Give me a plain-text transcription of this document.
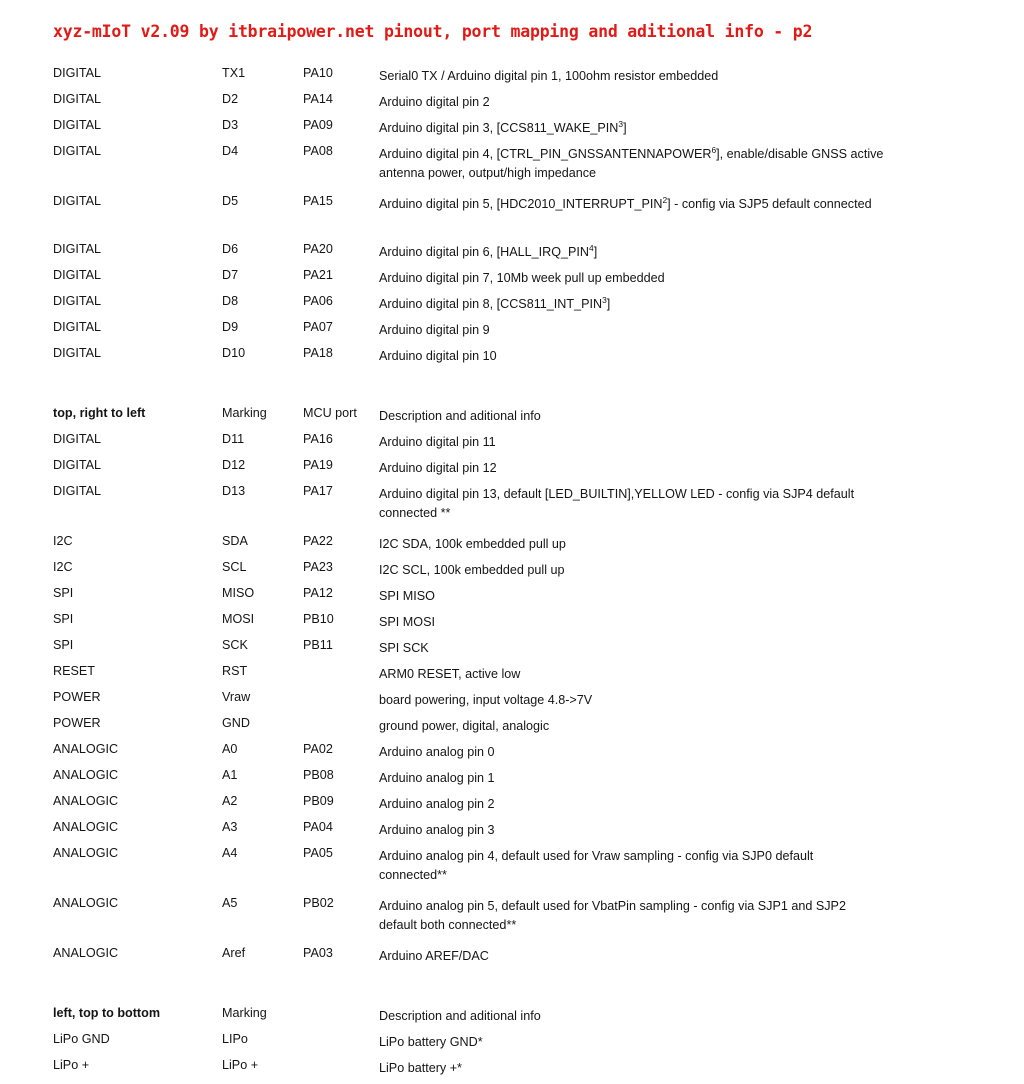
xyz-mIoT v2.09 by itbraipower.net pinout, port mapping and aditional info - p2
	DIGITAL	TX1	PA10	Serial0 TX / Arduino digital pin 1, 100ohm resistor embedded
	DIGITAL	D2	PA14	Arduino digital pin 2
	DIGITAL	D3	PA09	Arduino digital pin 3, [CCS811_WAKE_PIN$^3$]
	DIGITAL	D4	PA08	Arduino digital pin 4, [CTRL_PIN_GNSSANTENNAPOWER$^6$], enable/disable GNSS active
antenna power, output/high impedance

	DIGITAL	D5	PA15	Arduino digital pin 5, [HDC2010_INTERRUPT_PIN$^2$] - config via SJP5 default connected

	DIGITAL	D6	PA20	Arduino digital pin 6, [HALL_IRQ_PIN$^4$]
	DIGITAL	D7	PA21	Arduino digital pin 7, 10Mb week pull up embedded
	DIGITAL	D8	PA06	Arduino digital pin 8, [CCS811_INT_PIN$^3$]
	DIGITAL	D9	PA07	Arduino digital pin 9
	DIGITAL	D10	PA18	Arduino digital pin 10

	top, right to left	Marking	MCU port	Description and aditional info
	DIGITAL	D11	PA16	Arduino digital pin 11
	DIGITAL	D12	PA19	Arduino digital pin 12
	DIGITAL	D13	PA17	Arduino digital pin 13, default [LED_BUILTIN],YELLOW LED - config via SJP4 default
connected **

	I2C	SDA	PA22	I2C SDA, 100k embedded pull up
	I2C	SCL	PA23	I2C SCL, 100k embedded pull up
	SPI	MISO	PA12	SPI MISO
	SPI	MOSI	PB10	SPI MOSI
	SPI	SCK	PB11	SPI SCK
	RESET	RST		ARM0 RESET, active low
	POWER	Vraw		board powering, input voltage 4.8->7V
	POWER	GND		ground power, digital, analogic
	ANALOGIC	A0	PA02	Arduino analog pin 0
	ANALOGIC	A1	PB08	Arduino analog pin 1
	ANALOGIC	A2	PB09	Arduino analog pin 2
	ANALOGIC	A3	PA04	Arduino analog pin 3
	ANALOGIC	A4	PA05	Arduino analog pin 4, default used for Vraw sampling - config via SJP0 default
connected**

	ANALOGIC	A5	PB02	Arduino analog pin 5, default used for VbatPin sampling - config via SJP1 and SJP2
default both connected**

	ANALOGIC	Aref	PA03	Arduino AREF/DAC

	left, top to bottom	Marking		Description and aditional info
	LiPo GND	LIPo		LiPo battery GND*
	LiPo +	LiPo +		LiPo battery +*
